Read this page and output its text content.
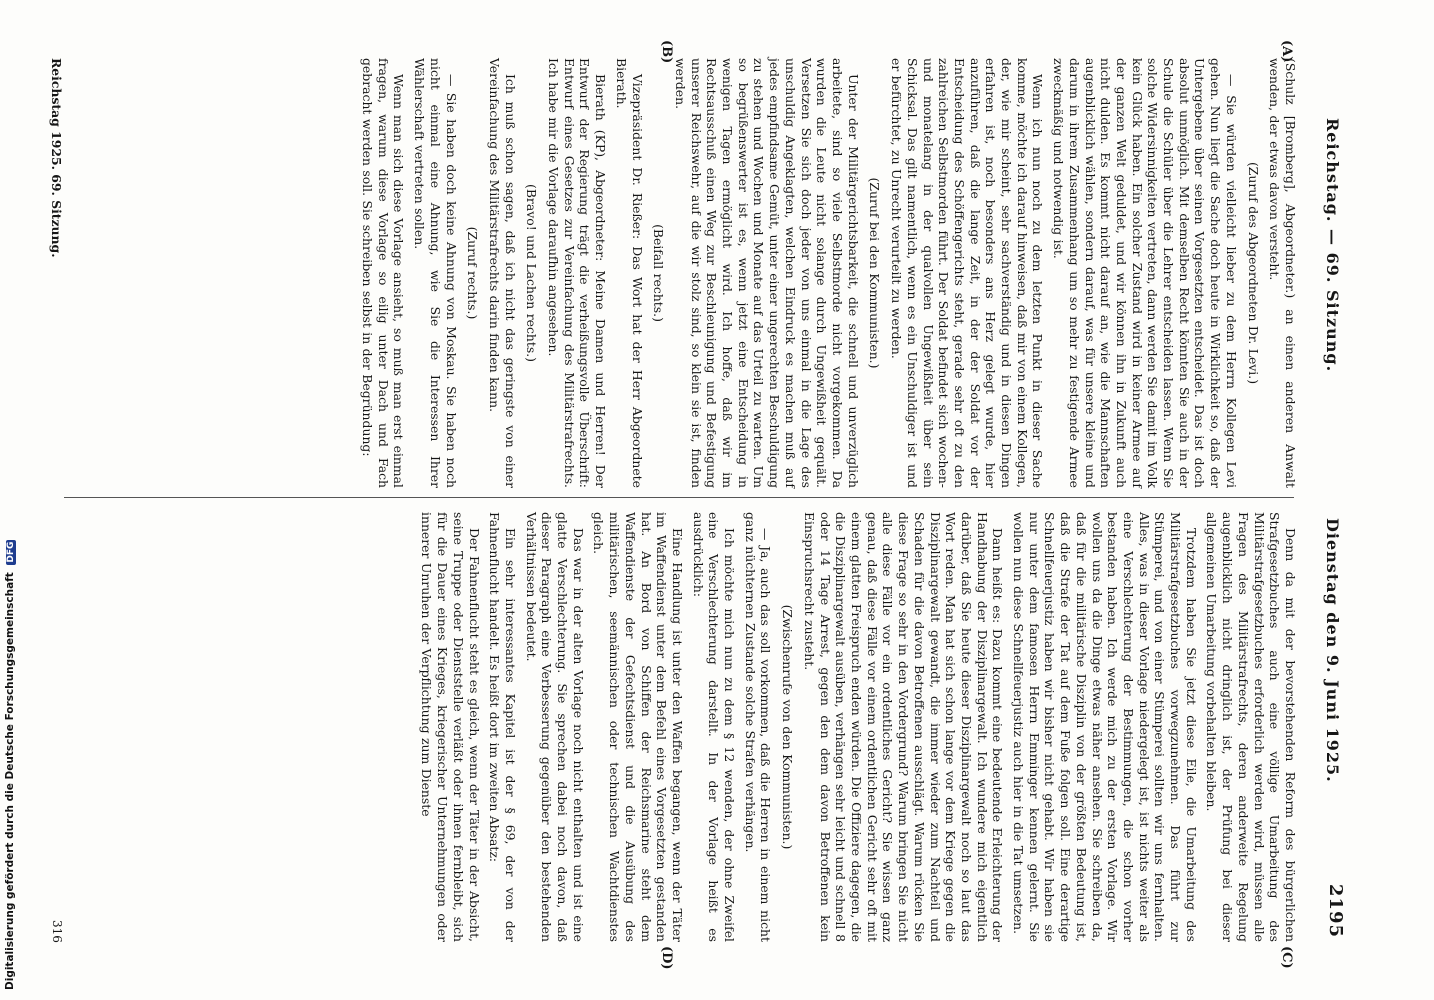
Reichstag. — 69. Sitzung.
Dienstag den 9. Juni 1925.
2195
(A)
(B)
(C)
(D)

(Schulz [Bromberg], Abgeordneter.) an einen anderen Anwalt wenden, der etwas davon versteht.

(Zuruf des Abgeordneten Dr. Levi.)

— Sie würden vielleicht lieber zu dem Herrn Kollegen Levi gehen. Nun liegt die Sache doch heute in Wirklichkeit so, daß der Untergebene über seinen Vorgesetzten entscheidet. Das ist doch absolut unmöglich. Mit demselben Recht könnten Sie auch in der Schule die Schüler über die Lehrer entscheiden lassen. Wenn Sie solche Widersinnigkeiten vertreten, dann werden Sie damit im Volk kein Glück haben. Ein solcher Zustand wird in keiner Armee auf der ganzen Welt geduldet, und wir können ihn in Zukunft auch nicht dulden. Es kommt nicht darauf an, wie die Mannschaften augenblicklich wählen, sondern darauf, was für unsere kleine und darum in ihrem Zusammenhang um so mehr zu festigende Armee zweckmäßig und notwendig ist.

Wenn ich nun noch zu dem letzten Punkt in dieser Sache komme, möchte ich darauf hinweisen, daß mir von einem Kollegen, der, wie mir scheint, sehr sachverständig und in diesen Dingen erfahren ist, noch besonders ans Herz gelegt wurde, hier anzuführen, daß die lange Zeit, in der der Soldat vor der Entscheidung des Schöffengerichts steht, gerade sehr oft zu den zahlreichen Selbstmorden führt. Der Soldat befindet sich wochen- und monatelang in der qualvollen Ungewißheit über sein Schicksal. Das gilt namentlich, wenn es ein Unschuldiger ist und er befürchtet, zu Unrecht verurteilt zu werden.

(Zuruf bei den Kommunisten.)

Unter der Militärgerichtsbarkeit, die schnell und unverzüglich arbeitete, sind so viele Selbstmorde nicht vorgekommen. Da wurden die Leute nicht solange durch Ungewißheit gequält. Versetzen Sie sich doch jeder von uns einmal in die Lage des unschuldig Angeklagten, welchen Eindruck es machen muß auf jedes empfindsame Gemüt, unter einer ungerechten Beschuldigung zu stehen und Wochen und Monate auf das Urteil zu warten. Um so begrüßenswerter ist es, wenn jetzt eine Entscheidung in wenigen Tagen ermöglicht wird. Ich hoffe, daß wir im Rechtsausschuß einen Weg zur Beschleunigung und Befestigung unserer Reichswehr, auf die wir stolz sind, so klein sie ist, finden werden.

(Beifall rechts.)

Vizepräsident Dr. Rießer: Das Wort hat der Herr Abgeordnete Bierath.

Bierath (KP), Abgeordneter: Meine Damen und Herren! Der Entwurf der Regierung trägt die verheißungsvolle Überschrift: Entwurf eines Gesetzes zur Vereinfachung des Militärstrafrechts. Ich habe mir die Vorlage daraufhin angesehen.

(Bravo! und Lachen rechts.)

Ich muß schon sagen, daß ich nicht das geringste von einer Vereinfachung des Militärstrafrechts darin finden kann.

(Zuruf rechts.)

— Sie haben doch keine Ahnung von Moskau. Sie haben noch nicht einmal eine Ahnung, wie Sie die Interessen Ihrer Wählerschaft vertreten sollen.

Wenn man sich diese Vorlage ansieht, so muß man erst einmal fragen, warum diese Vorlage so eilig unter Dach und Fach gebracht werden soll. Sie schreiben selbst in der Begründung:

Denn da mit der bevorstehenden Reform des bürgerlichen Strafgesetzbuches auch eine völlige Umarbeitung des Militärstrafgesetzbuches erforderlich werden wird, müssen alle Fragen des Militärstrafrechts, deren anderweite Regelung augenblicklich nicht dringlich ist, der Prüfung bei dieser allgemeinen Umarbeitung vorbehalten bleiben.

Trotzdem haben Sie jetzt diese Eile, die Umarbeitung des Militärstrafgesetzbuches vorwegzunehmen. Das führt zur Stümperei, und von einer Stümperei sollten wir uns fernhalten. Alles, was in dieser Vorlage niedergelegt ist, ist nichts weiter als eine Verschlechterung der Bestimmungen, die schon vorher bestanden haben. Ich werde mich zu der ersten Vorlage. Wir wollen uns da die Dinge etwas näher ansehen. Sie schreiben da, daß für die militärische Disziplin von der größten Bedeutung ist, daß die Strafe der Tat auf dem Fuße folgen soll. Eine derartige Schnellfeuerjustiz haben wir bisher nicht gehabt. Wir haben sie nur unter dem famosen Herrn Emminger kennen gelernt. Sie wollen nun diese Schnellfeuerjustiz auch hier in die Tat umsetzen.

Dann heißt es: Dazu kommt eine bedeutende Erleichterung der Handhabung der Disziplinargewalt. Ich wundere mich eigentlich darüber, daß Sie heute dieser Disziplinargewalt noch so laut das Wort reden. Man hat sich schon lange vor dem Kriege gegen die Disziplinargewalt gewandt, die immer wieder zum Nachteil und Schaden für die davon Betroffenen ausschlägt. Warum rücken Sie diese Frage so sehr in den Vordergrund? Warum bringen Sie nicht alle diese Fälle vor ein ordentliches Gericht? Sie wissen ganz genau, daß diese Fälle vor einem ordentlichen Gericht sehr oft mit einem glatten Freispruch enden würden. Die Offiziere dagegen, die die Disziplinargewalt ausüben, verhängen sehr leicht und schnell 8 oder 14 Tage Arrest, gegen den dem davon Betroffenen kein Einspruchsrecht zusteht.

(Zwischenrufe von den Kommunisten.)

— Ja, auch das soll vorkommen, daß die Herren in einem nicht ganz nüchternen Zustande solche Strafen verhängen.

Ich möchte mich nun zu dem § 12 wenden, der ohne Zweifel eine Verschlechterung darstellt. In der Vorlage heißt es ausdrücklich:

Eine Handlung ist unter den Waffen begangen, wenn der Täter im Waffendienst unter dem Befehl eines Vorgesetzten gestanden hat. An Bord von Schiffen der Reichsmarine steht dem Waffendienste der Gefechtsdienst und die Ausübung des militärischen, seemännischen oder technischen Wachtdienstes gleich.

Das war in der alten Vorlage noch nicht enthalten und ist eine glatte Verschlechterung. Sie sprechen dabei noch davon, daß dieser Paragraph eine Verbesserung gegenüber den bestehenden Verhältnissen bedeutet.

Ein sehr interessantes Kapitel ist der § 69, der von der Fahnenflucht handelt. Es heißt dort im zweiten Absatz:

Der Fahnenflucht steht es gleich, wenn der Täter in der Absicht, seine Truppe oder Dienststelle verläßt oder ihnen fernbleibt, sich für die Dauer eines Krieges, kriegerischer Unternehmungen oder innerer Unruhen der Verpflichtung zum Dienste

Reichstag 1925. 69. Sitzung.
316
Digitalisierung gefördert durch die Deutsche Forschungsgemeinschaft DFG
